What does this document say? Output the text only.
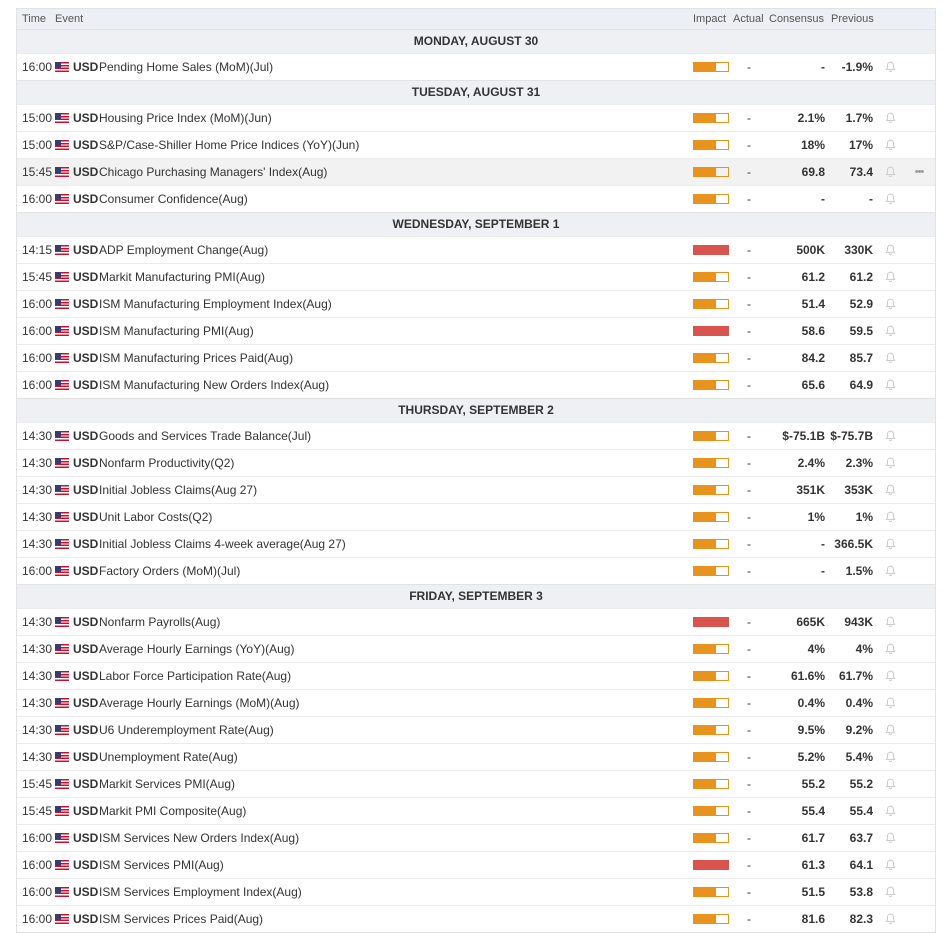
Time Event	Impact Actual Consensus Previous
MONDAY, AUGUST 30
16:00 USD Pending Home Sales (MoM)(Jul)	-	-	-1.9%
TUESDAY, AUGUST 31
15:00 USD Housing Price Index (MoM)(Jun)	-	2.1%	1.7%
15:00 USD S&P/Case-Shiller Home Price Indices (YoY)(Jun)	-	18%	17%
15:45 USD Chicago Purchasing Managers' Index(Aug)	-	69.8	73.4	•••
16:00 USD Consumer Confidence(Aug)	-	-	-
WEDNESDAY, SEPTEMBER 1
14:15 USD ADP Employment Change(Aug)	-	500K	330K
15:45 USD Markit Manufacturing PMI(Aug)	-	61.2	61.2
16:00 USD ISM Manufacturing Employment Index(Aug)	-	51.4	52.9
16:00 USD ISM Manufacturing PMI(Aug)	-	58.6	59.5
16:00 USD ISM Manufacturing Prices Paid(Aug)	-	84.2	85.7
16:00 USD ISM Manufacturing New Orders Index(Aug)	-	65.6	64.9
THURSDAY, SEPTEMBER 2
14:30 USD Goods and Services Trade Balance(Jul)	-	$-75.1B $-75.7B
14:30 USD Nonfarm Productivity(Q2)	-	2.4%	2.3%
14:30 USD Initial Jobless Claims(Aug 27)	-	351K	353K
14:30 USD Unit Labor Costs(Q2)	-	1%	1%
14:30 USD Initial Jobless Claims 4-week average(Aug 27)	-	- 366.5K
16:00 USD Factory Orders (MoM)(Jul)	-	-	1.5%
FRIDAY, SEPTEMBER 3
14:30 USD Nonfarm Payrolls(Aug)	-	665K	943K
14:30 USD Average Hourly Earnings (YoY)(Aug)	-	4%	4%
14:30 USD Labor Force Participation Rate(Aug)	-	61.6%	61.7%
14:30 USD Average Hourly Earnings (MoM)(Aug)	-	0.4%	0.4%
14:30 USD U6 Underemployment Rate(Aug)	-	9.5%	9.2%
14:30 USD Unemployment Rate(Aug)	-	5.2%	5.4%
15:45 USD Markit Services PMI(Aug)	-	55.2	55.2
15:45 USD Markit PMI Composite(Aug)	-	55.4	55.4
16:00 USD ISM Services New Orders Index(Aug)	-	61.7	63.7
16:00 USD ISM Services PMI(Aug)	-	61.3	64.1
16:00 USD ISM Services Employment Index(Aug)	-	51.5	53.8
16:00 USD ISM Services Prices Paid(Aug)	-	81.6	82.3
